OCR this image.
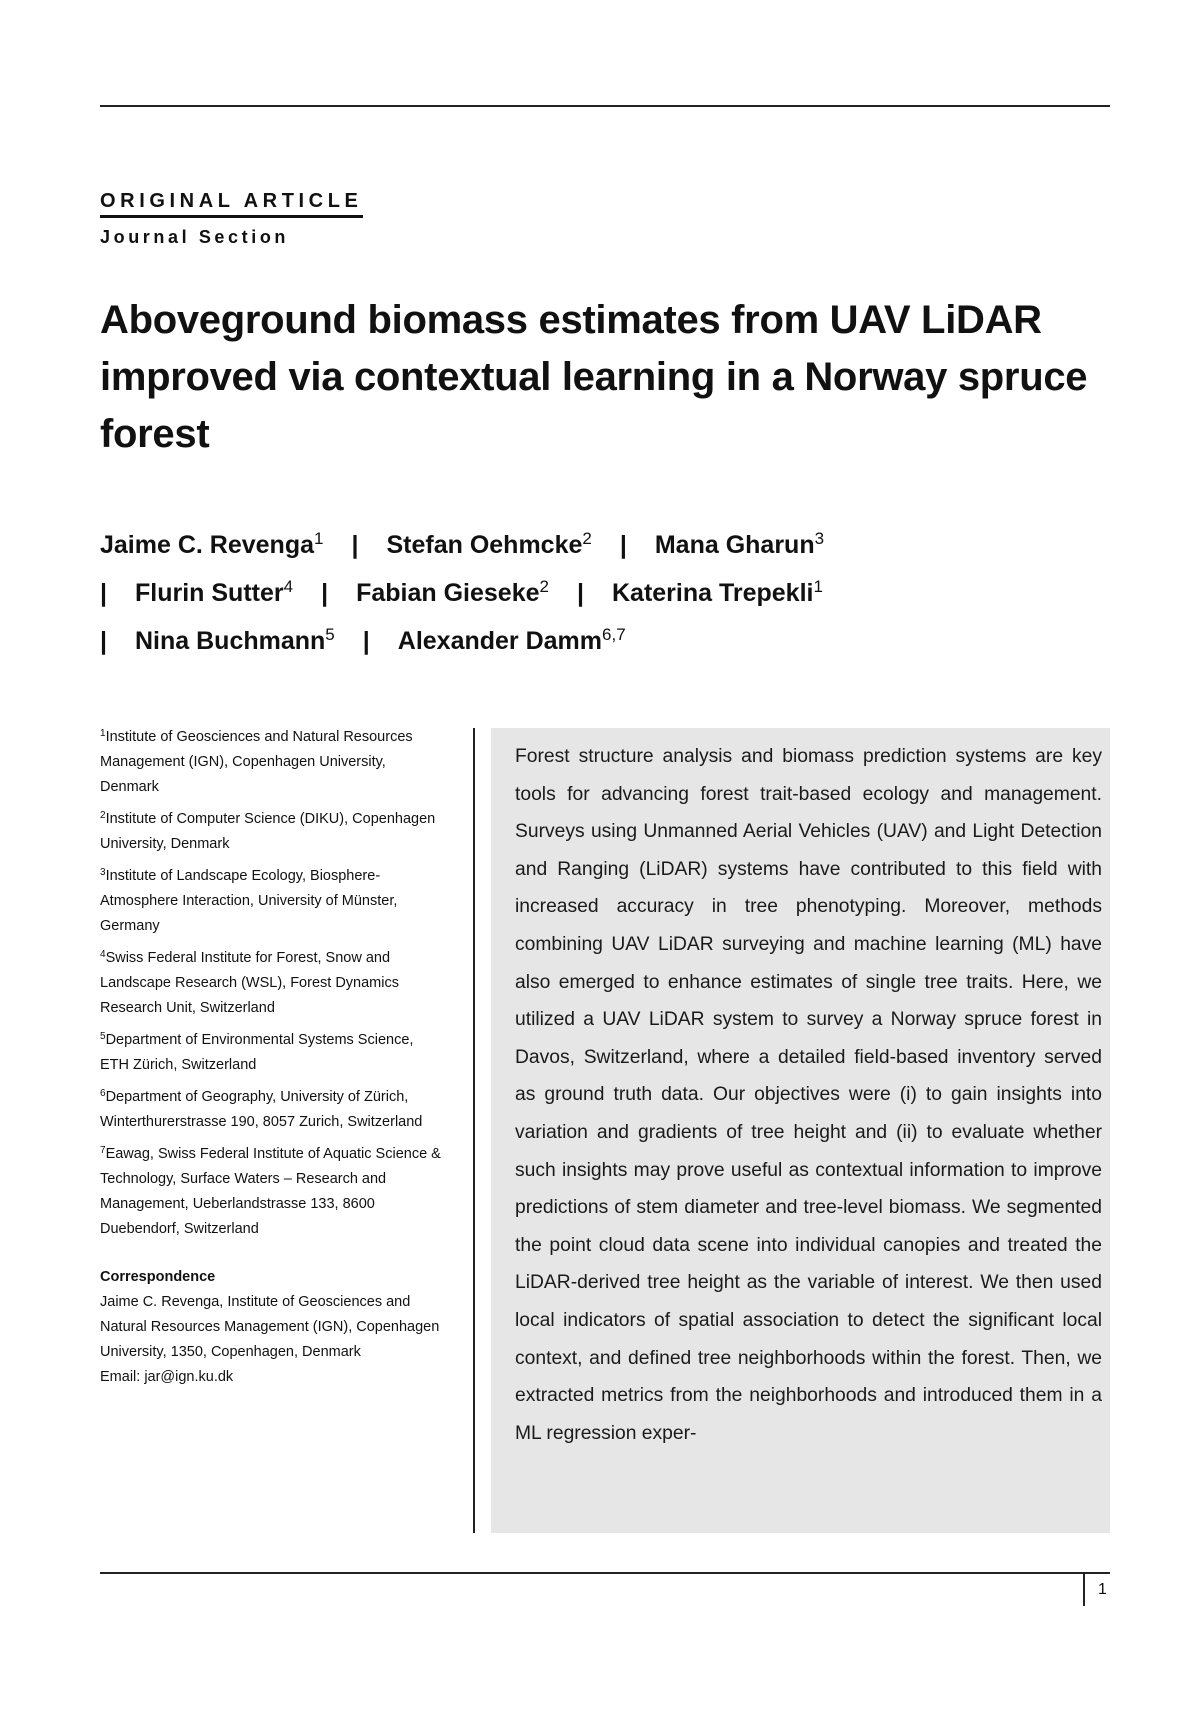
ORIGINAL ARTICLE
Journal Section
Aboveground biomass estimates from UAV LiDAR improved via contextual learning in a Norway spruce forest
Jaime C. Revenga$^1$ | Stefan Oehmcke$^2$ | Mana Gharun$^3$
| Flurin Sutter$^4$ | Fabian Gieseke$^2$ | Katerina Trepekli$^1$
| Nina Buchmann$^5$ | Alexander Damm$^{6,7}$
$^1$Institute of Geosciences and Natural Resources Management (IGN), Copenhagen University, Denmark
$^2$Institute of Computer Science (DIKU), Copenhagen University, Denmark
$^3$Institute of Landscape Ecology, Biosphere-Atmosphere Interaction, University of Münster, Germany
$^4$Swiss Federal Institute for Forest, Snow and Landscape Research (WSL), Forest Dynamics Research Unit, Switzerland
$^5$Department of Environmental Systems Science, ETH Zürich, Switzerland
$^6$Department of Geography, University of Zürich, Winterthurerstrasse 190, 8057 Zurich, Switzerland
$^7$Eawag, Swiss Federal Institute of Aquatic Science & Technology, Surface Waters – Research and Management, Ueberlandstrasse 133, 8600 Duebendorf, Switzerland
Correspondence
Jaime C. Revenga, Institute of Geosciences and Natural Resources Management (IGN), Copenhagen University, 1350, Copenhagen, Denmark
Email: jar@ign.ku.dk
Forest structure analysis and biomass prediction systems are key tools for advancing forest trait-based ecology and management. Surveys using Unmanned Aerial Vehicles (UAV) and Light Detection and Ranging (LiDAR) systems have contributed to this field with increased accuracy in tree phenotyping. Moreover, methods combining UAV LiDAR surveying and machine learning (ML) have also emerged to enhance estimates of single tree traits. Here, we utilized a UAV LiDAR system to survey a Norway spruce forest in Davos, Switzerland, where a detailed field-based inventory served as ground truth data. Our objectives were (i) to gain insights into variation and gradients of tree height and (ii) to evaluate whether such insights may prove useful as contextual information to improve predictions of stem diameter and tree-level biomass. We segmented the point cloud data scene into individual canopies and treated the LiDAR-derived tree height as the variable of interest. We then used local indicators of spatial association to detect the significant local context, and defined tree neighborhoods within the forest. Then, we extracted metrics from the neighborhoods and introduced them in a ML regression exper-
1
